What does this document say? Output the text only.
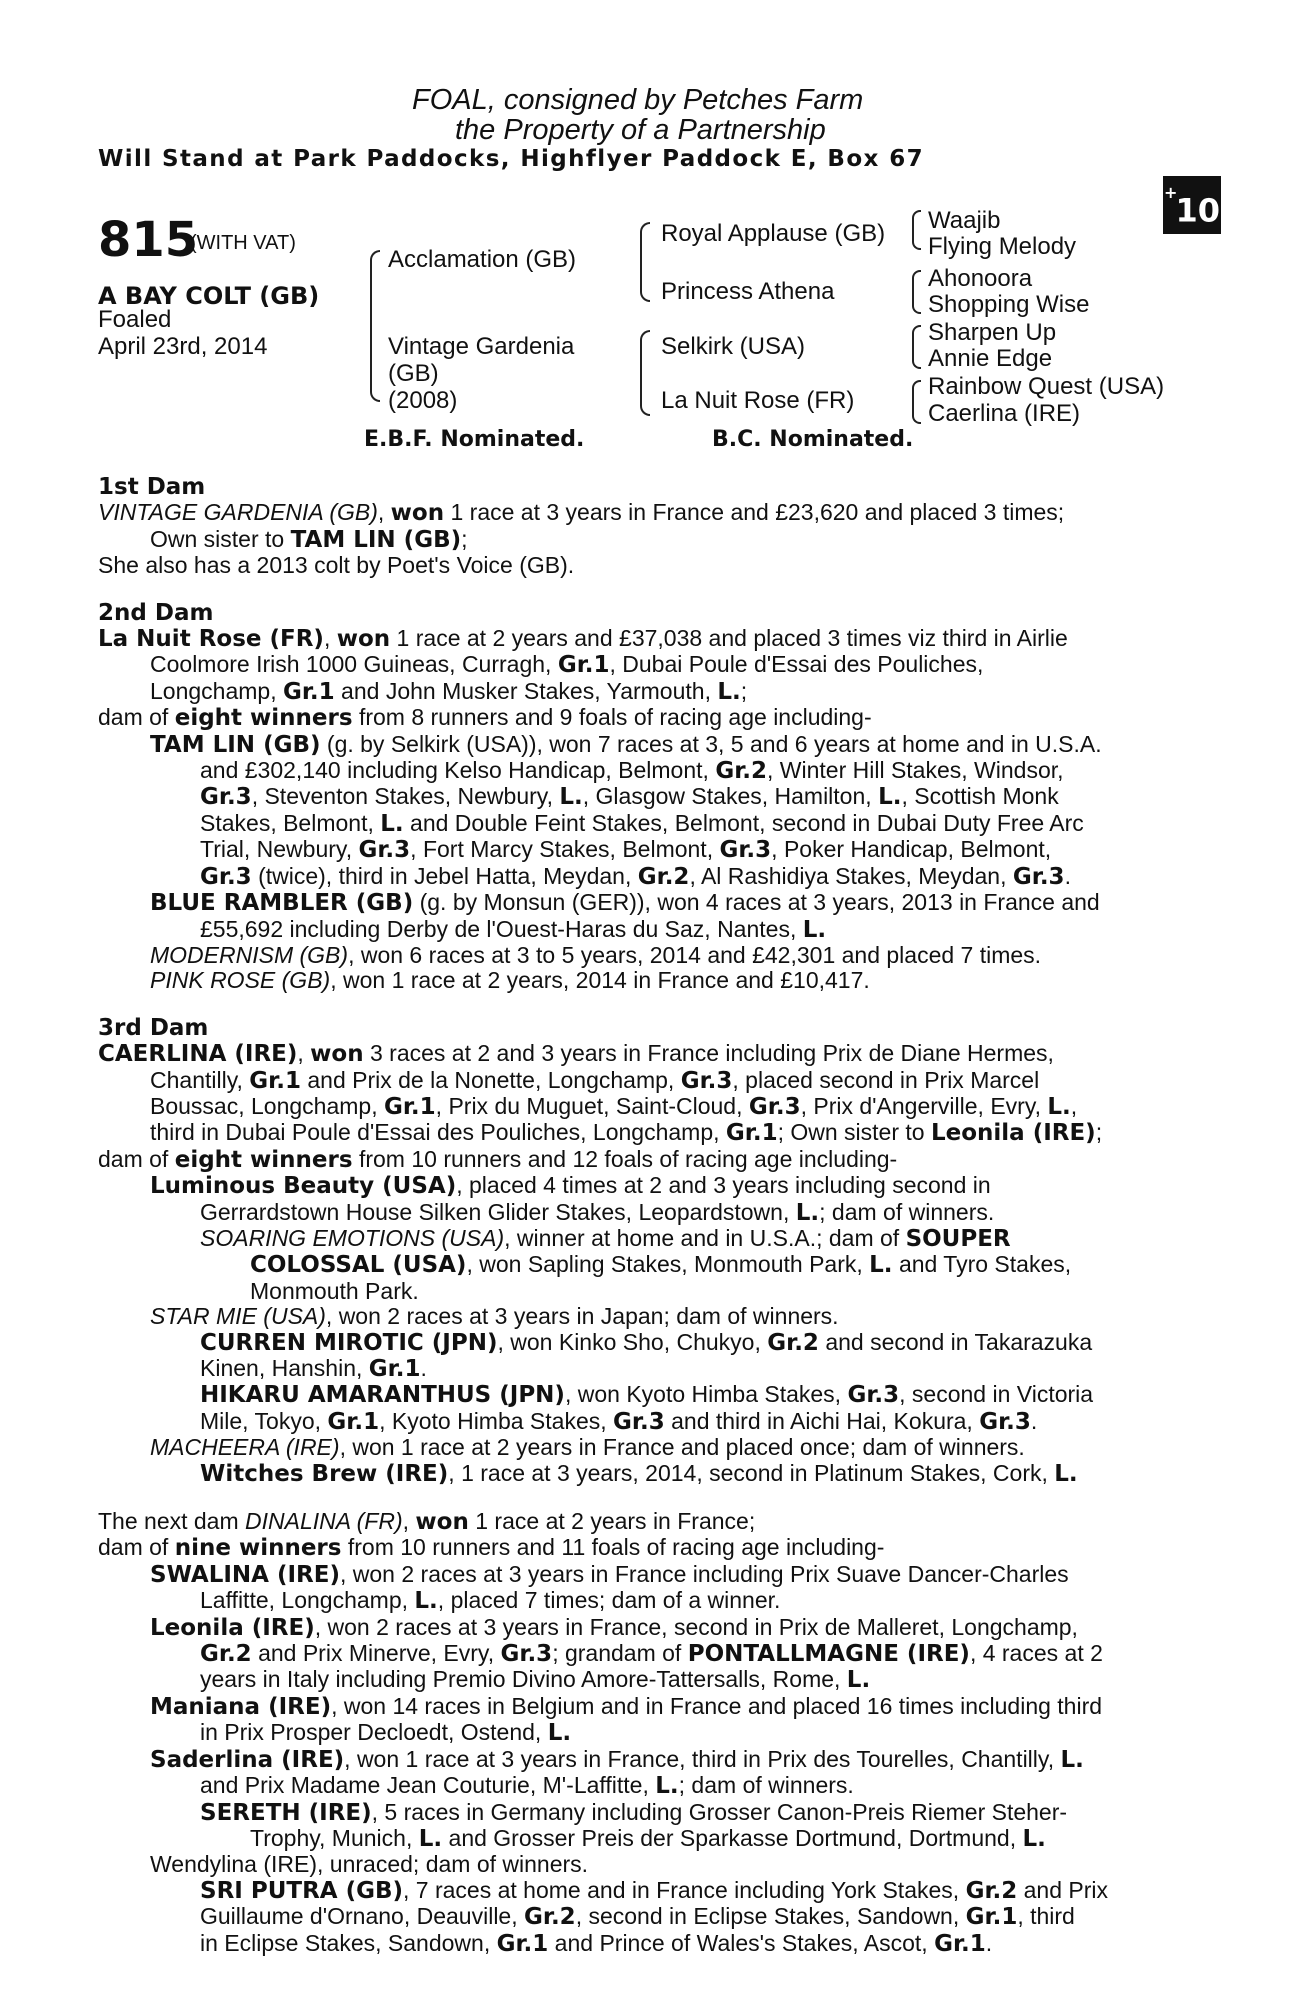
FOAL, consigned by Petches Farm
the Property of a Partnership
Will Stand at Park Paddocks, Highflyer Paddock E, Box 67
+10
815
(WITH VAT)
A BAY COLT (GB)
Foaled
April 23rd, 2014
Acclamation (GB)
Vintage Gardenia
(GB)
(2008)
Royal Applause (GB)
Princess Athena
Selkirk (USA)
La Nuit Rose (FR)
Waajib
Flying Melody
Ahonoora
Shopping Wise
Sharpen Up
Annie Edge
Rainbow Quest (USA)
Caerlina (IRE)
E.B.F. Nominated.	B.C. Nominated.
1st Dam
VINTAGE GARDENIA (GB), won 1 race at 3 years in France and £23,620 and placed 3 times;
Own sister to TAM LIN (GB);
She also has a 2013 colt by Poet's Voice (GB).
2nd Dam
La Nuit Rose (FR), won 1 race at 2 years and £37,038 and placed 3 times viz third in Airlie
Coolmore Irish 1000 Guineas, Curragh, Gr.1, Dubai Poule d'Essai des Pouliches,
Longchamp, Gr.1 and John Musker Stakes, Yarmouth, L.;
dam of eight winners from 8 runners and 9 foals of racing age including-
TAM LIN (GB) (g. by Selkirk (USA)), won 7 races at 3, 5 and 6 years at home and in U.S.A.
and £302,140 including Kelso Handicap, Belmont, Gr.2, Winter Hill Stakes, Windsor,
Gr.3, Steventon Stakes, Newbury, L., Glasgow Stakes, Hamilton, L., Scottish Monk
Stakes, Belmont, L. and Double Feint Stakes, Belmont, second in Dubai Duty Free Arc
Trial, Newbury, Gr.3, Fort Marcy Stakes, Belmont, Gr.3, Poker Handicap, Belmont,
Gr.3 (twice), third in Jebel Hatta, Meydan, Gr.2, Al Rashidiya Stakes, Meydan, Gr.3.
BLUE RAMBLER (GB) (g. by Monsun (GER)), won 4 races at 3 years, 2013 in France and
£55,692 including Derby de l'Ouest-Haras du Saz, Nantes, L.
MODERNISM (GB), won 6 races at 3 to 5 years, 2014 and £42,301 and placed 7 times.
PINK ROSE (GB), won 1 race at 2 years, 2014 in France and £10,417.
3rd Dam
CAERLINA (IRE), won 3 races at 2 and 3 years in France including Prix de Diane Hermes,
Chantilly, Gr.1 and Prix de la Nonette, Longchamp, Gr.3, placed second in Prix Marcel
Boussac, Longchamp, Gr.1, Prix du Muguet, Saint-Cloud, Gr.3, Prix d'Angerville, Evry, L.,
third in Dubai Poule d'Essai des Pouliches, Longchamp, Gr.1; Own sister to Leonila (IRE);
dam of eight winners from 10 runners and 12 foals of racing age including-
Luminous Beauty (USA), placed 4 times at 2 and 3 years including second in
Gerrardstown House Silken Glider Stakes, Leopardstown, L.; dam of winners.
SOARING EMOTIONS (USA), winner at home and in U.S.A.; dam of SOUPER
COLOSSAL (USA), won Sapling Stakes, Monmouth Park, L. and Tyro Stakes,
Monmouth Park.
STAR MIE (USA), won 2 races at 3 years in Japan; dam of winners.
CURREN MIROTIC (JPN), won Kinko Sho, Chukyo, Gr.2 and second in Takarazuka
Kinen, Hanshin, Gr.1.
HIKARU AMARANTHUS (JPN), won Kyoto Himba Stakes, Gr.3, second in Victoria
Mile, Tokyo, Gr.1, Kyoto Himba Stakes, Gr.3 and third in Aichi Hai, Kokura, Gr.3.
MACHEERA (IRE), won 1 race at 2 years in France and placed once; dam of winners.
Witches Brew (IRE), 1 race at 3 years, 2014, second in Platinum Stakes, Cork, L.
The next dam DINALINA (FR), won 1 race at 2 years in France;
dam of nine winners from 10 runners and 11 foals of racing age including-
SWALINA (IRE), won 2 races at 3 years in France including Prix Suave Dancer-Charles
Laffitte, Longchamp, L., placed 7 times; dam of a winner.
Leonila (IRE), won 2 races at 3 years in France, second in Prix de Malleret, Longchamp,
Gr.2 and Prix Minerve, Evry, Gr.3; grandam of PONTALLMAGNE (IRE), 4 races at 2
years in Italy including Premio Divino Amore-Tattersalls, Rome, L.
Maniana (IRE), won 14 races in Belgium and in France and placed 16 times including third
in Prix Prosper Decloedt, Ostend, L.
Saderlina (IRE), won 1 race at 3 years in France, third in Prix des Tourelles, Chantilly, L.
and Prix Madame Jean Couturie, M'-Laffitte, L.; dam of winners.
SERETH (IRE), 5 races in Germany including Grosser Canon-Preis Riemer Steher-
Trophy, Munich, L. and Grosser Preis der Sparkasse Dortmund, Dortmund, L.
Wendylina (IRE), unraced; dam of winners.
SRI PUTRA (GB), 7 races at home and in France including York Stakes, Gr.2 and Prix
Guillaume d'Ornano, Deauville, Gr.2, second in Eclipse Stakes, Sandown, Gr.1, third
in Eclipse Stakes, Sandown, Gr.1 and Prince of Wales's Stakes, Ascot, Gr.1.
